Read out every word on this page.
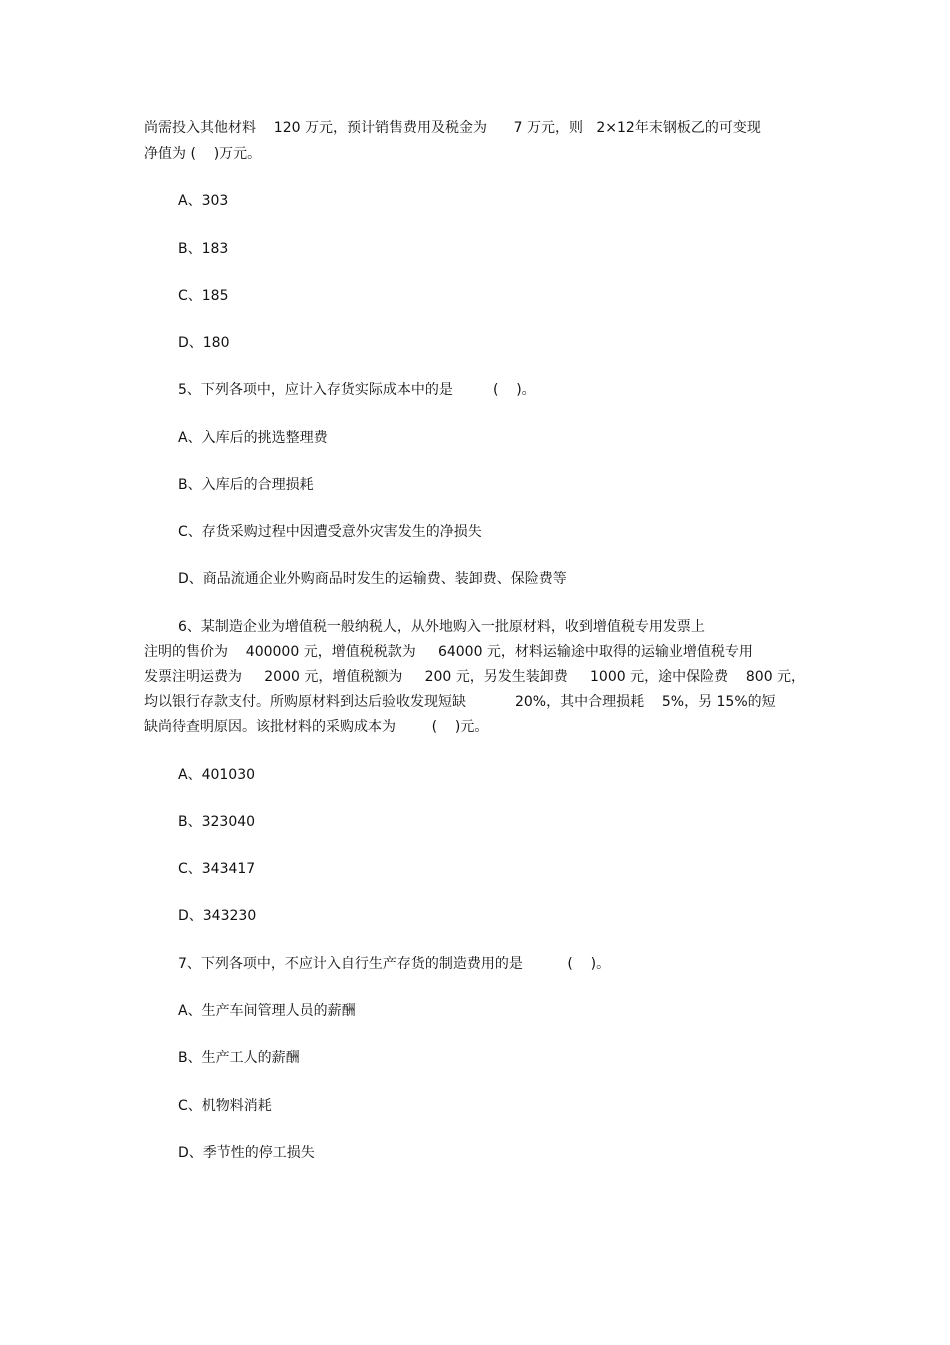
尚需投入其他材料    120 万元，预计销售费用及税金为      7 万元，则   2×12年末钢板乙的可变现
净值为 (    )万元。
A、303
B、183
C、185
D、180
5、下列各项中，应计入存货实际成本中的是         (    )。
A、入库后的挑选整理费
B、入库后的合理损耗
C、存货采购过程中因遭受意外灾害发生的净损失
D、商品流通企业外购商品时发生的运输费、装卸费、保险费等
6、某制造企业为增值税一般纳税人，从外地购入一批原材料，收到增值税专用发票上
注明的售价为    400000 元，增值税税款为     64000 元，材料运输途中取得的运输业增值税专用
发票注明运费为     2000 元，增值税额为     200 元，另发生装卸费     1000 元，途中保险费    800 元，
均以银行存款支付。所购原材料到达后验收发现短缺           20%，其中合理损耗    5%，另 15%的短
缺尚待查明原因。该批材料的采购成本为        (    )元。
A、401030
B、323040
C、343417
D、343230
7、下列各项中，不应计入自行生产存货的制造费用的是          (    )。
A、生产车间管理人员的薪酬
B、生产工人的薪酬
C、机物料消耗
D、季节性的停工损失
